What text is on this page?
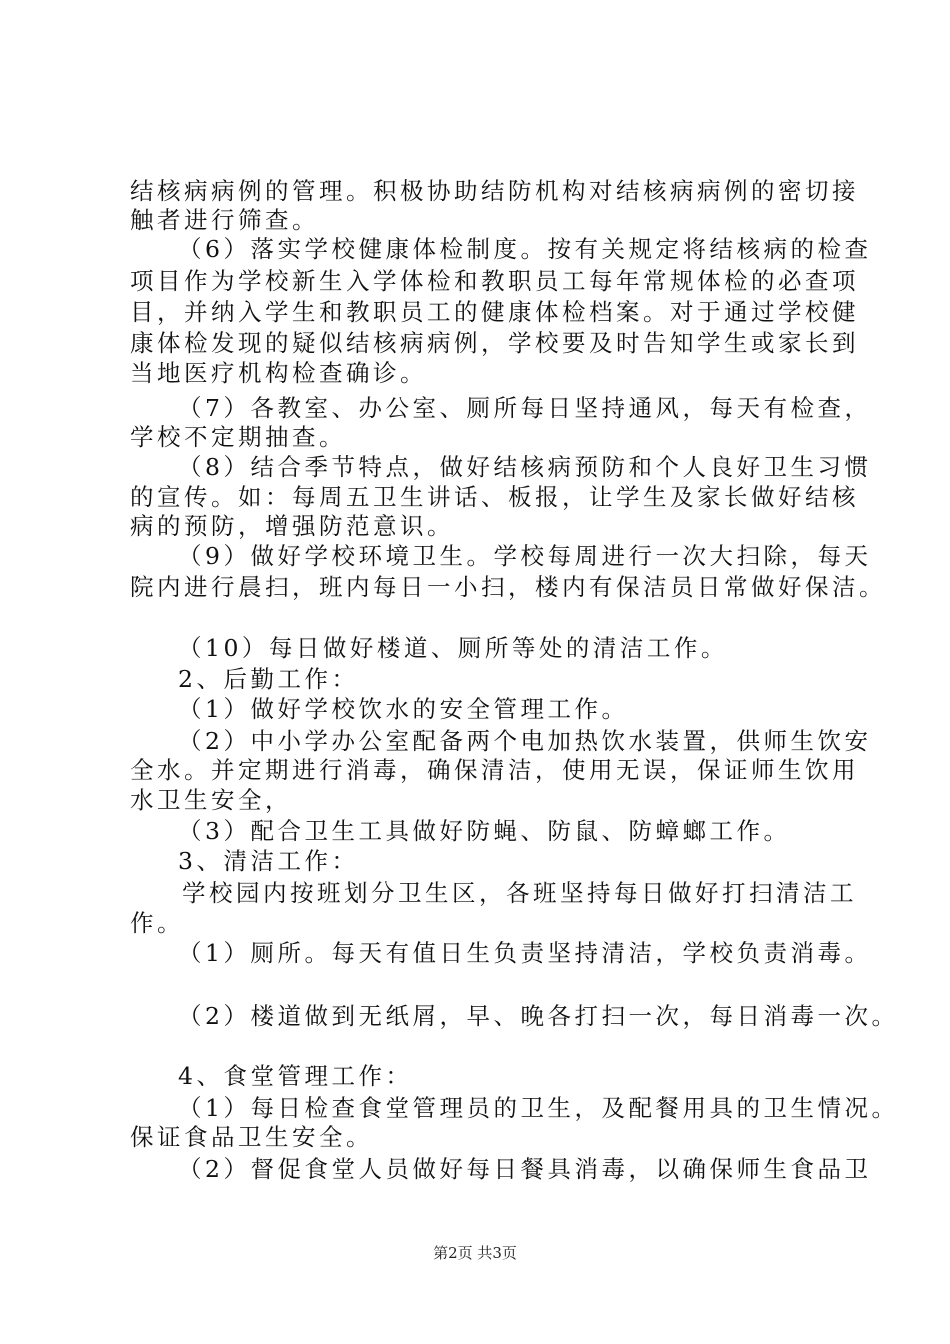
结核病病例的管理。积极协助结防机构对结核病病例的密切接
触者进行筛查。
（6）落实学校健康体检制度。按有关规定将结核病的检查
项目作为学校新生入学体检和教职员工每年常规体检的必查项
目，并纳入学生和教职员工的健康体检档案。对于通过学校健
康体检发现的疑似结核病病例，学校要及时告知学生或家长到
当地医疗机构检查确诊。
（7）各教室、办公室、厕所每日坚持通风，每天有检查，
学校不定期抽查。
（8）结合季节特点，做好结核病预防和个人良好卫生习惯
的宣传。如：每周五卫生讲话、板报，让学生及家长做好结核
病的预防，增强防范意识。
（9）做好学校环境卫生。学校每周进行一次大扫除，每天
院内进行晨扫，班内每日一小扫，楼内有保洁员日常做好保洁。
（10）每日做好楼道、厕所等处的清洁工作。
2、后勤工作：
（1）做好学校饮水的安全管理工作。
（2）中小学办公室配备两个电加热饮水装置，供师生饮安
全水。并定期进行消毒，确保清洁，使用无误，保证师生饮用
水卫生安全，
（3）配合卫生工具做好防蝇、防鼠、防蟑螂工作。
3、清洁工作：
学校园内按班划分卫生区，各班坚持每日做好打扫清洁工
作。
（1）厕所。每天有值日生负责坚持清洁，学校负责消毒。
（2）楼道做到无纸屑，早、晚各打扫一次，每日消毒一次。
4、食堂管理工作：
（1）每日检查食堂管理员的卫生，及配餐用具的卫生情况。
保证食品卫生安全。
（2）督促食堂人员做好每日餐具消毒，以确保师生食品卫
第2页 共3页
